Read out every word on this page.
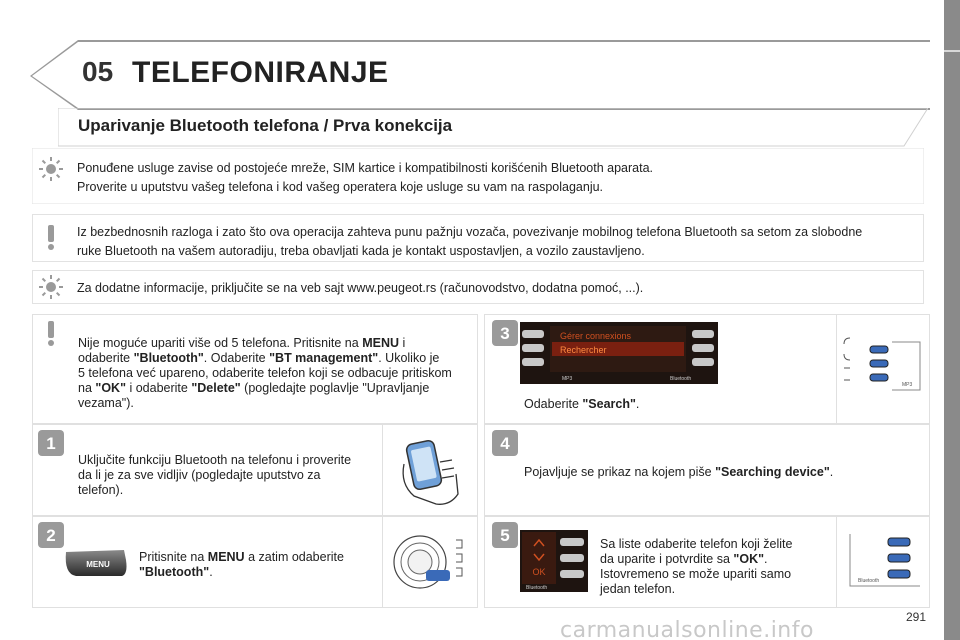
05 TELEFONIRANJE
Uparivanje Bluetooth telefona / Prva konekcija

Ponuđene usluge zavise od postojeće mreže, SIM kartice i kompatibilnosti korišćenih Bluetooth aparata.

Proverite u uputstvu vašeg telefona i kod vašeg operatera koje usluge su vam na raspolaganju.

Iz bezbednosnih razloga i zato što ova operacija zahteva punu pažnju vozača, povezivanje mobilnog telefona Bluetooth sa setom za slobodne

ruke Bluetooth na vašem autoradiju, treba obavljati kada je kontakt uspostavljen, a vozilo zaustavljeno.

Za dodatne informacije, priključite se na veb sajt www.peugeot.rs (računovodstvo, dodatna pomoć, ...).

Nije moguće upariti više od 5 telefona. Pritisnite na MENU i
odaberite "Bluetooth". Odaberite "BT management". Ukoliko je
5 telefona već upareno, odaberite telefon koji se odbacuje pritiskom
na "OK" i odaberite "Delete" (pogledajte poglavlje "Upravljanje
vezama").
1
Uključite funkciju Bluetooth na telefonu i proverite
da li je za sve vidljiv (pogledajte uputstvo za
telefon).
2
MENU
Pritisnite na MENU a zatim odaberite
"Bluetooth".
3	Gérer connexions
Rechercher
MP3	Bluetooth
MP3
Odaberite "Search".
4
Pojavljuje se prikaz na kojem piše "Searching device".
5
OK
Bluetooth
Sa liste odaberite telefon koji želite
da uparite i potvrdite sa "OK".
Istovremeno se može upariti samo
jedan telefon.
Bluetooth
carmanualsonline.info
291
